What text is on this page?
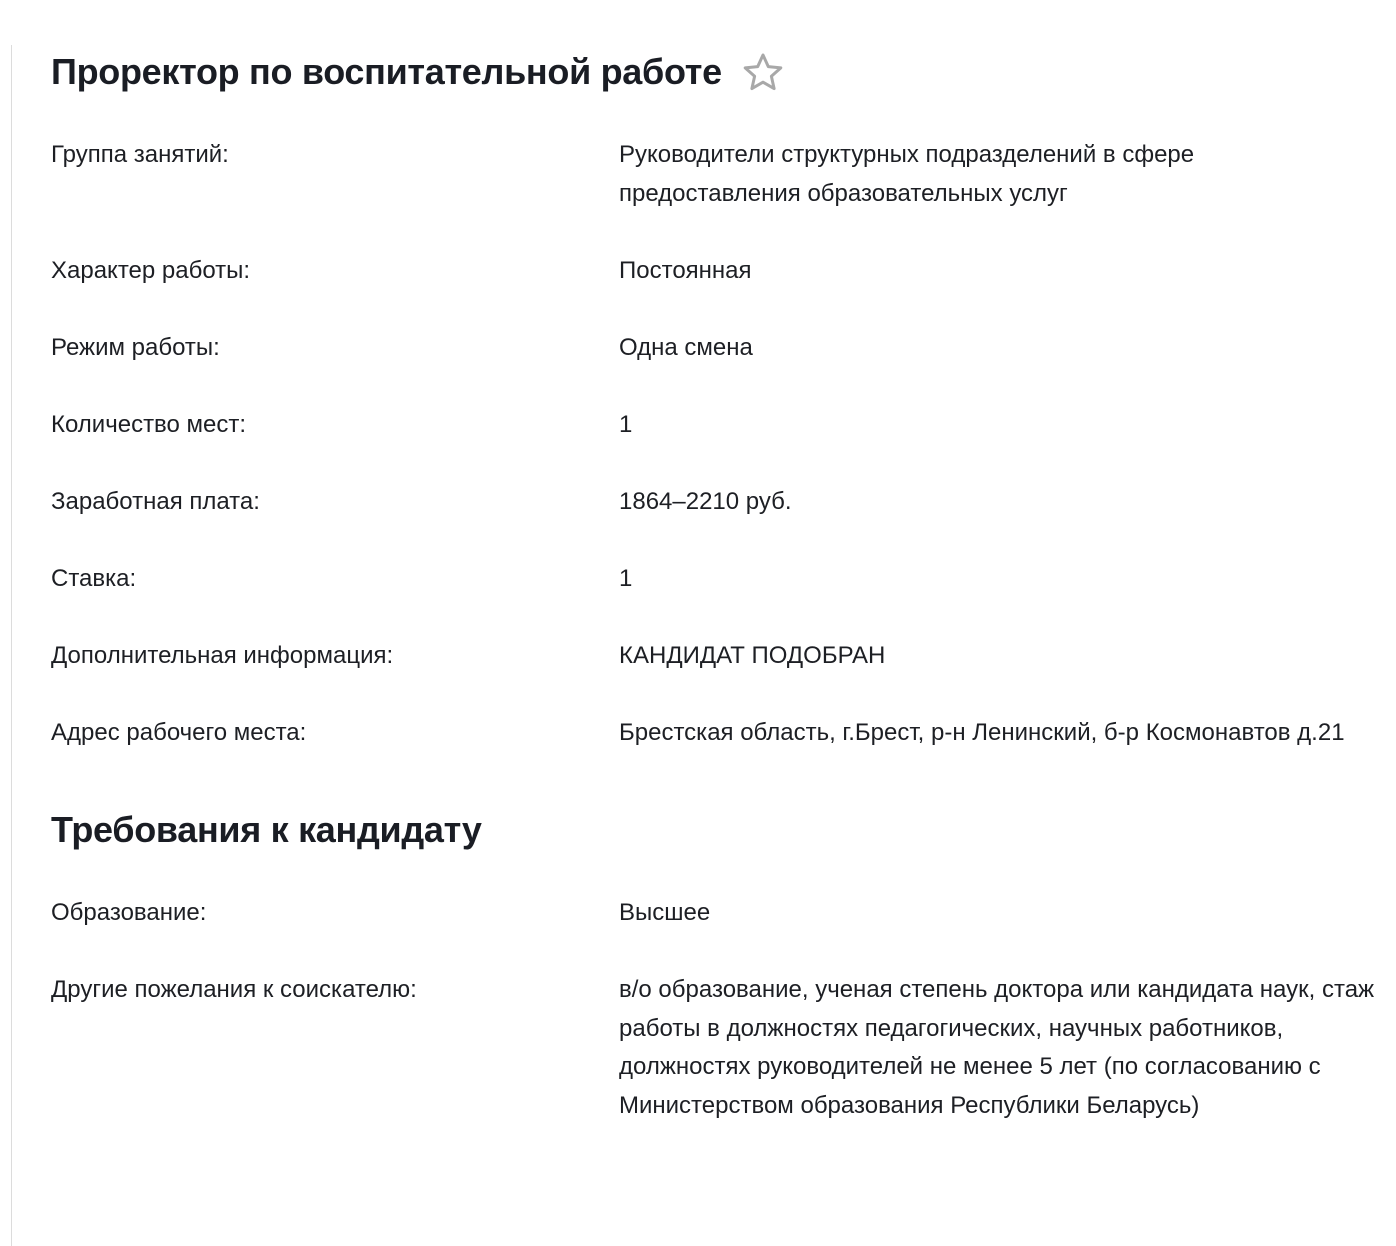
Проректор по воспитательной работе
Группа занятий:	Руководители структурных подразделений в сфере предоставления образовательных услуг
Характер работы:	Постоянная
Режим работы:	Одна смена
Количество мест:	1
Заработная плата:	1864–2210 руб.
Ставка:	1
Дополнительная информация:	КАНДИДАТ ПОДОБРАН
Адрес рабочего места:	Брестская область, г.Брест, р-н Ленинский, б-р Космонавтов д.21
Требования к кандидату
Образование:	Высшее
Другие пожелания к соискателю:	в/о образование, ученая степень доктора или кандидата наук, стаж работы в должностях педагогических, научных работников, должностях руководителей не менее 5 лет (по согласованию с Министерством образования Республики Беларусь)
